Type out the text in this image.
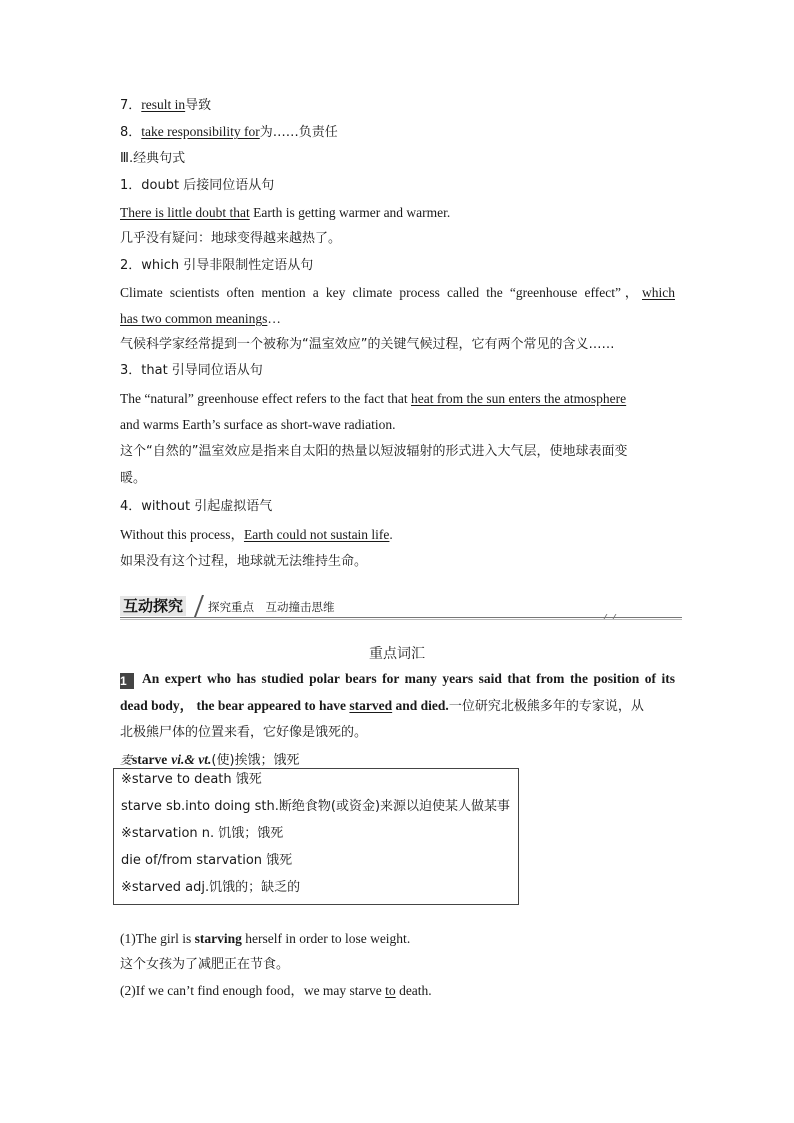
7．result in导致
8．take responsibility for为……负责任
Ⅲ.经典句式
1．doubt 后接同位语从句
There is little doubt that Earth is getting warmer and warmer.
几乎没有疑问：地球变得越来越热了。
2．which 引导非限制性定语从句
Climate scientists often mention a key climate process called the “greenhouse effect”，which
has two common meanings…
气候科学家经常提到一个被称为“温室效应”的关键气候过程，它有两个常见的含义……
3．that 引导同位语从句
The “natural” greenhouse effect refers to the fact that heat from the sun enters the atmosphere
and warms Earth’s surface as short-wave radiation.
这个“自然的”温室效应是指来自太阳的热量以短波辐射的形式进入大气层，使地球表面变
暖。
4．without 引起虚拟语气
Without this process，Earth could not sustain life.
如果没有这个过程，地球就无法维持生命。
互动探究 探究重点　互动撞击思维
重点词汇
1 An expert who has studied polar bears for many years said that from the position of its
dead body， the bear appeared to have starved and died.一位研究北极熊多年的专家说，从
北极熊尸体的位置来看，它好像是饿死的。
麦starve vi.& vt.(使)挨饿；饿死
※starve to death 饿死
starve sb.into doing sth.断绝食物(或资金)来源以迫使某人做某事
※starvation n. 饥饿；饿死
die of/from starvation 饿死
※starved adj.饥饿的；缺乏的
(1)The girl is starving herself in order to lose weight.
这个女孩为了减肥正在节食。
(2)If we can’t find enough food，we may starve to death.
